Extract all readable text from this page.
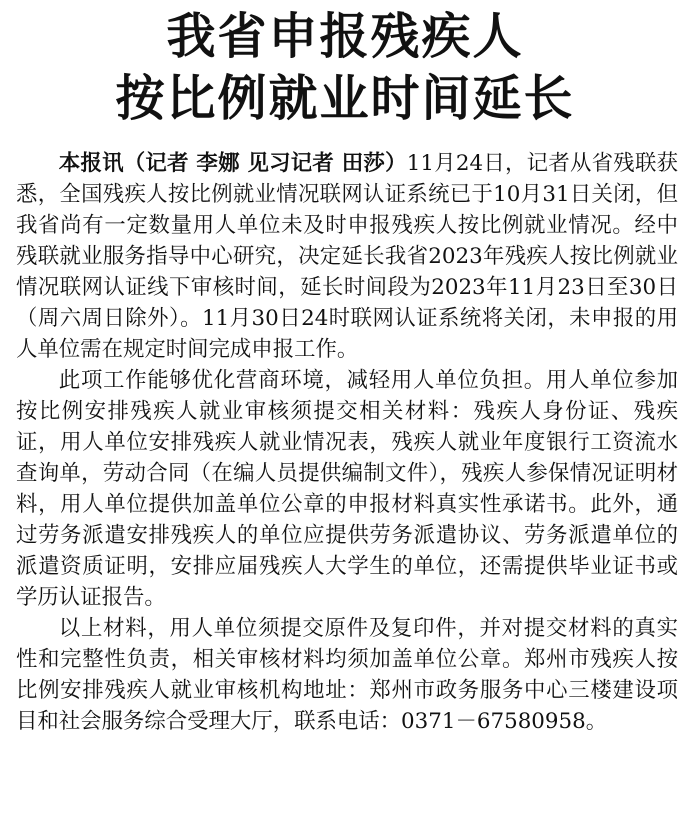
我省申报残疾人
按比例就业时间延长

本报讯（记者 李娜 见习记者 田莎）11月24日，记者从省残联获悉，全国残疾人按比例就业情况联网认证系统已于10月31日关闭，但我省尚有一定数量用人单位未及时申报残疾人按比例就业情况。经中残联就业服务指导中心研究，决定延长我省2023年残疾人按比例就业情况联网认证线下审核时间，延长时间段为2023年11月23日至30日（周六周日除外）。11月30日24时联网认证系统将关闭，未申报的用人单位需在规定时间完成申报工作。

此项工作能够优化营商环境，减轻用人单位负担。用人单位参加按比例安排残疾人就业审核须提交相关材料：残疾人身份证、残疾证，用人单位安排残疾人就业情况表，残疾人就业年度银行工资流水查询单，劳动合同（在编人员提供编制文件），残疾人参保情况证明材料，用人单位提供加盖单位公章的申报材料真实性承诺书。此外，通过劳务派遣安排残疾人的单位应提供劳务派遣协议、劳务派遣单位的派遣资质证明，安排应届残疾人大学生的单位，还需提供毕业证书或学历认证报告。

以上材料，用人单位须提交原件及复印件，并对提交材料的真实性和完整性负责，相关审核材料均须加盖单位公章。郑州市残疾人按比例安排残疾人就业审核机构地址：郑州市政务服务中心三楼建设项目和社会服务综合受理大厅，联系电话：0371－67580958。
